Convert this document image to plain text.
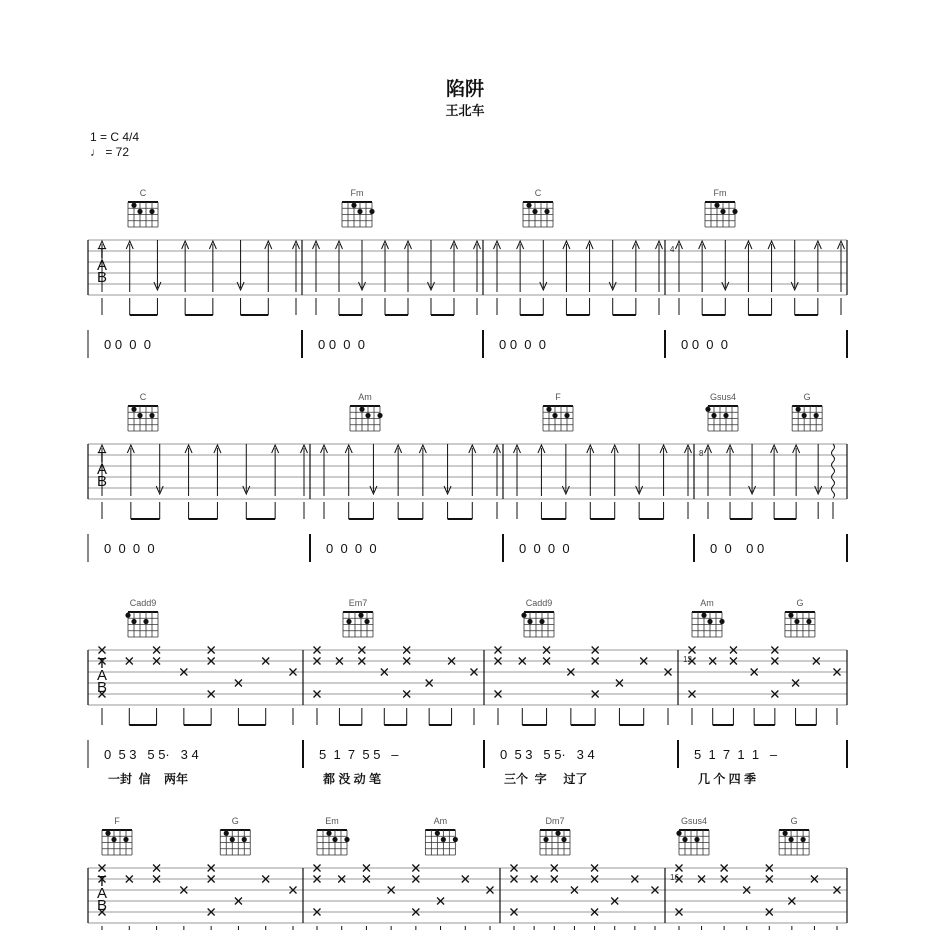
陷阱
王北车
1 = C 4/4
♩ = 72
T
A
B
C
0 0  0  0
Fm
0 0  0  0
C
0 0  0  0
Fm
4
0 0  0  0
T
A
B
C
0  0  0  0
Am
0  0  0  0
F
0  0  0  0
Gsus4	G
8
0  0    0 0
T
A
B
Cadd9
0  5 3   5 5·   3 4
一封  信    两年
Em7
5  1  7  5 5   –
都 没 动 笔
Cadd9
0  5 3   5 5·   3 4
三个  字     过了
Am	G
12
5  1  7  1  1   –
几 个 四 季
T
A
B
F	G	Em	Am	Dm7	Gsus4	G
16
